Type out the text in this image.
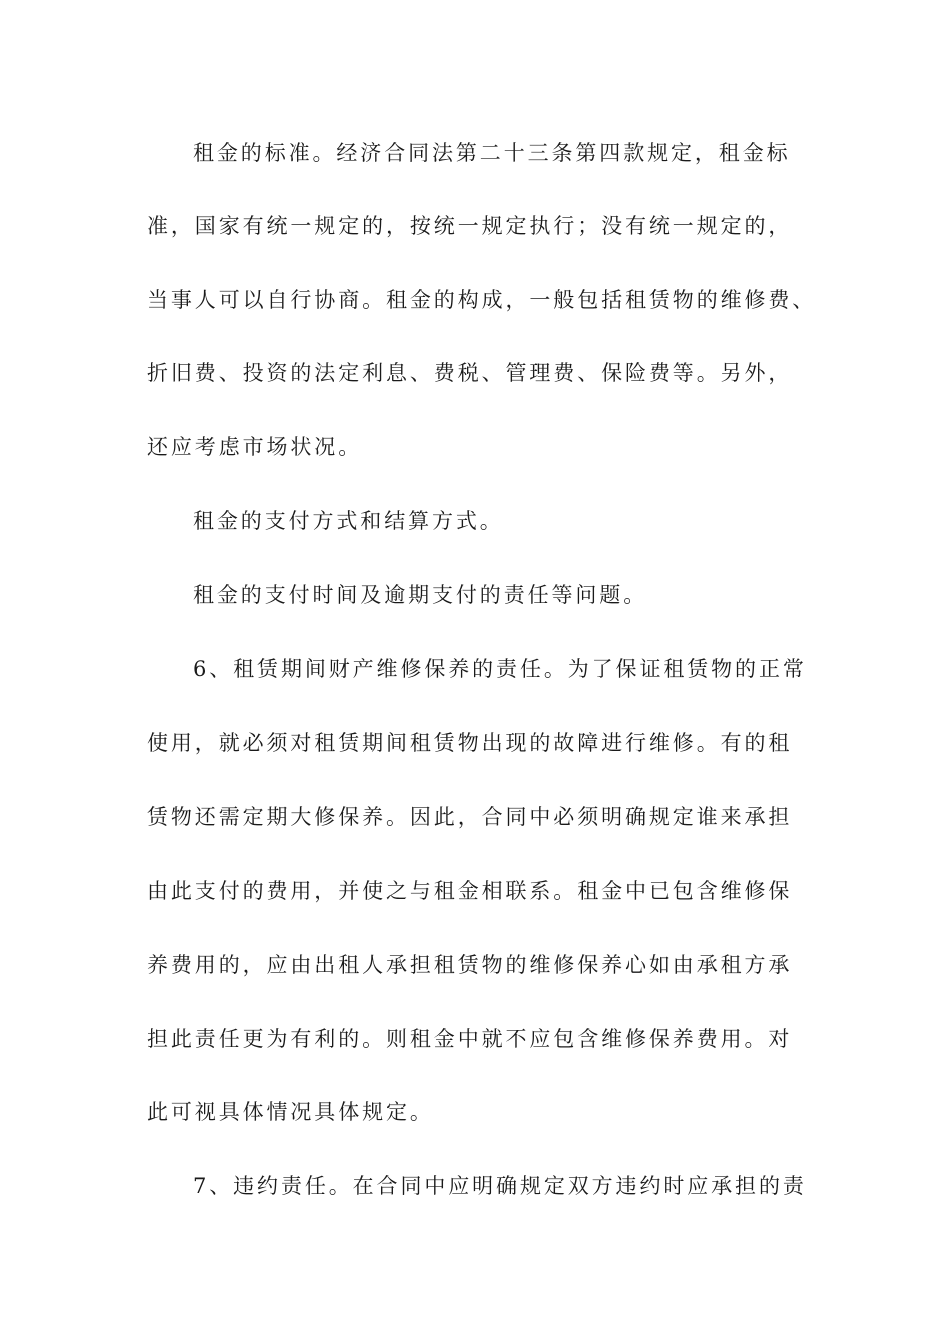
租金的标准。经济合同法第二十三条第四款规定，租金标
准，国家有统一规定的，按统一规定执行；没有统一规定的，
当事人可以自行协商。租金的构成，一般包括租赁物的维修费、
折旧费、投资的法定利息、费税、管理费、保险费等。另外，
还应考虑市场状况。
租金的支付方式和结算方式。
租金的支付时间及逾期支付的责任等问题。
6、租赁期间财产维修保养的责任。为了保证租赁物的正常
使用，就必须对租赁期间租赁物出现的故障进行维修。有的租
赁物还需定期大修保养。因此，合同中必须明确规定谁来承担
由此支付的费用，并使之与租金相联系。租金中已包含维修保
养费用的，应由出租人承担租赁物的维修保养心如由承租方承
担此责任更为有利的。则租金中就不应包含维修保养费用。对
此可视具体情况具体规定。
7、违约责任。在合同中应明确规定双方违约时应承担的责
